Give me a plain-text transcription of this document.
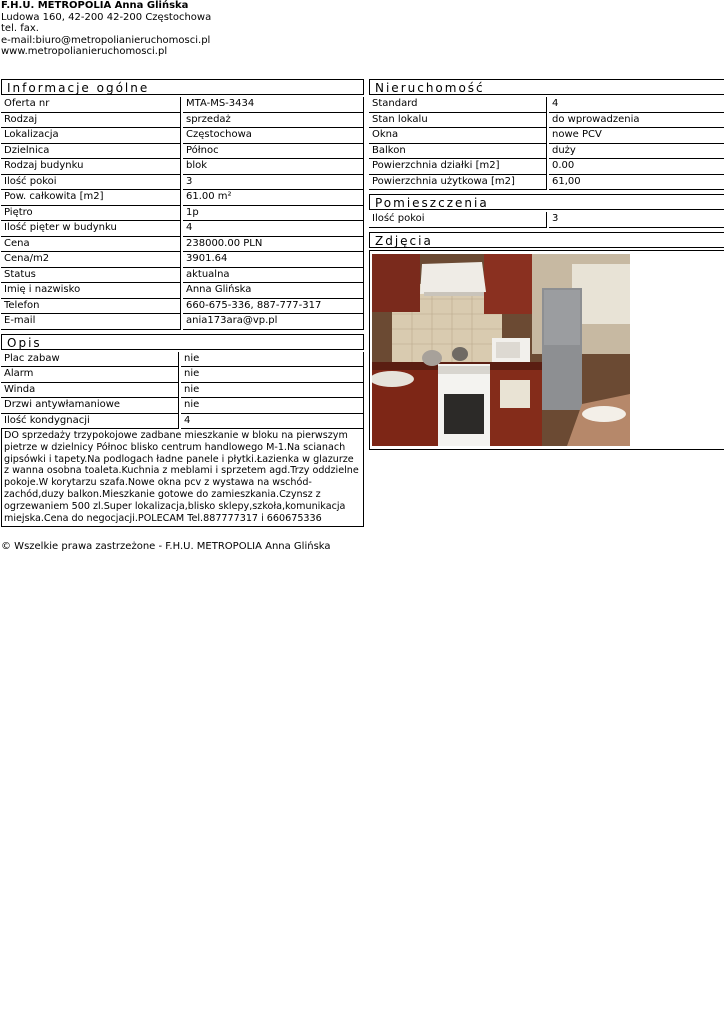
F.H.U. METROPOLIA Anna Glińska
Ludowa 160, 42-200 42-200 Częstochowa
tel. fax.
e-mail:biuro@metropolianieruchomosci.pl
www.metropolianieruchomosci.pl
Informacje ogólne
Oferta nr	MTA-MS-3434
Rodzaj	sprzedaż
Lokalizacja	Częstochowa
Dzielnica	Północ
Rodzaj budynku	blok
Ilość pokoi	3
Pow. całkowita [m2]	61.00 m²
Piętro	1p
Ilość pięter w budynku	4
Cena	238000.00 PLN
Cena/m2	3901.64
Status	aktualna
Imię i nazwisko	Anna Glińska
Telefon	660-675-336, 887-777-317
E-mail	ania173ara@vp.pl
Opis
Plac zabaw	nie
Alarm	nie
Winda	nie
Drzwi antywłamaniowe	nie
Ilość kondygnacji	4
DO sprzedaży trzypokojowe zadbane mieszkanie w bloku na pierwszym pietrze w dzielnicy Północ blisko centrum handlowego M-1.Na scianach gipsówki i tapety.Na podlogach ładne panele i płytki.Łazienka w glazurze z wanna osobna toaleta.Kuchnia z meblami i sprzetem agd.Trzy oddzielne pokoje.W korytarzu szafa.Nowe okna pcv z wystawa na wschód-zachód,duzy balkon.Mieszkanie gotowe do zamieszkania.Czynsz z ogrzewaniem 500 zl.Super lokalizacja,blisko sklepy,szkoła,komunikacja miejska.Cena do negocjacji.POLECAM Tel.887777317 i 660675336
Nieruchomość
Standard	4
Stan lokalu	do wprowadzenia
Okna	nowe PCV
Balkon	duży
Powierzchnia działki [m2]	0.00
Powierzchnia użytkowa [m2]	61,00
Pomieszczenia
Ilość pokoi	3
Zdjęcia
© Wszelkie prawa zastrzeżone - F.H.U. METROPOLIA Anna Glińska
